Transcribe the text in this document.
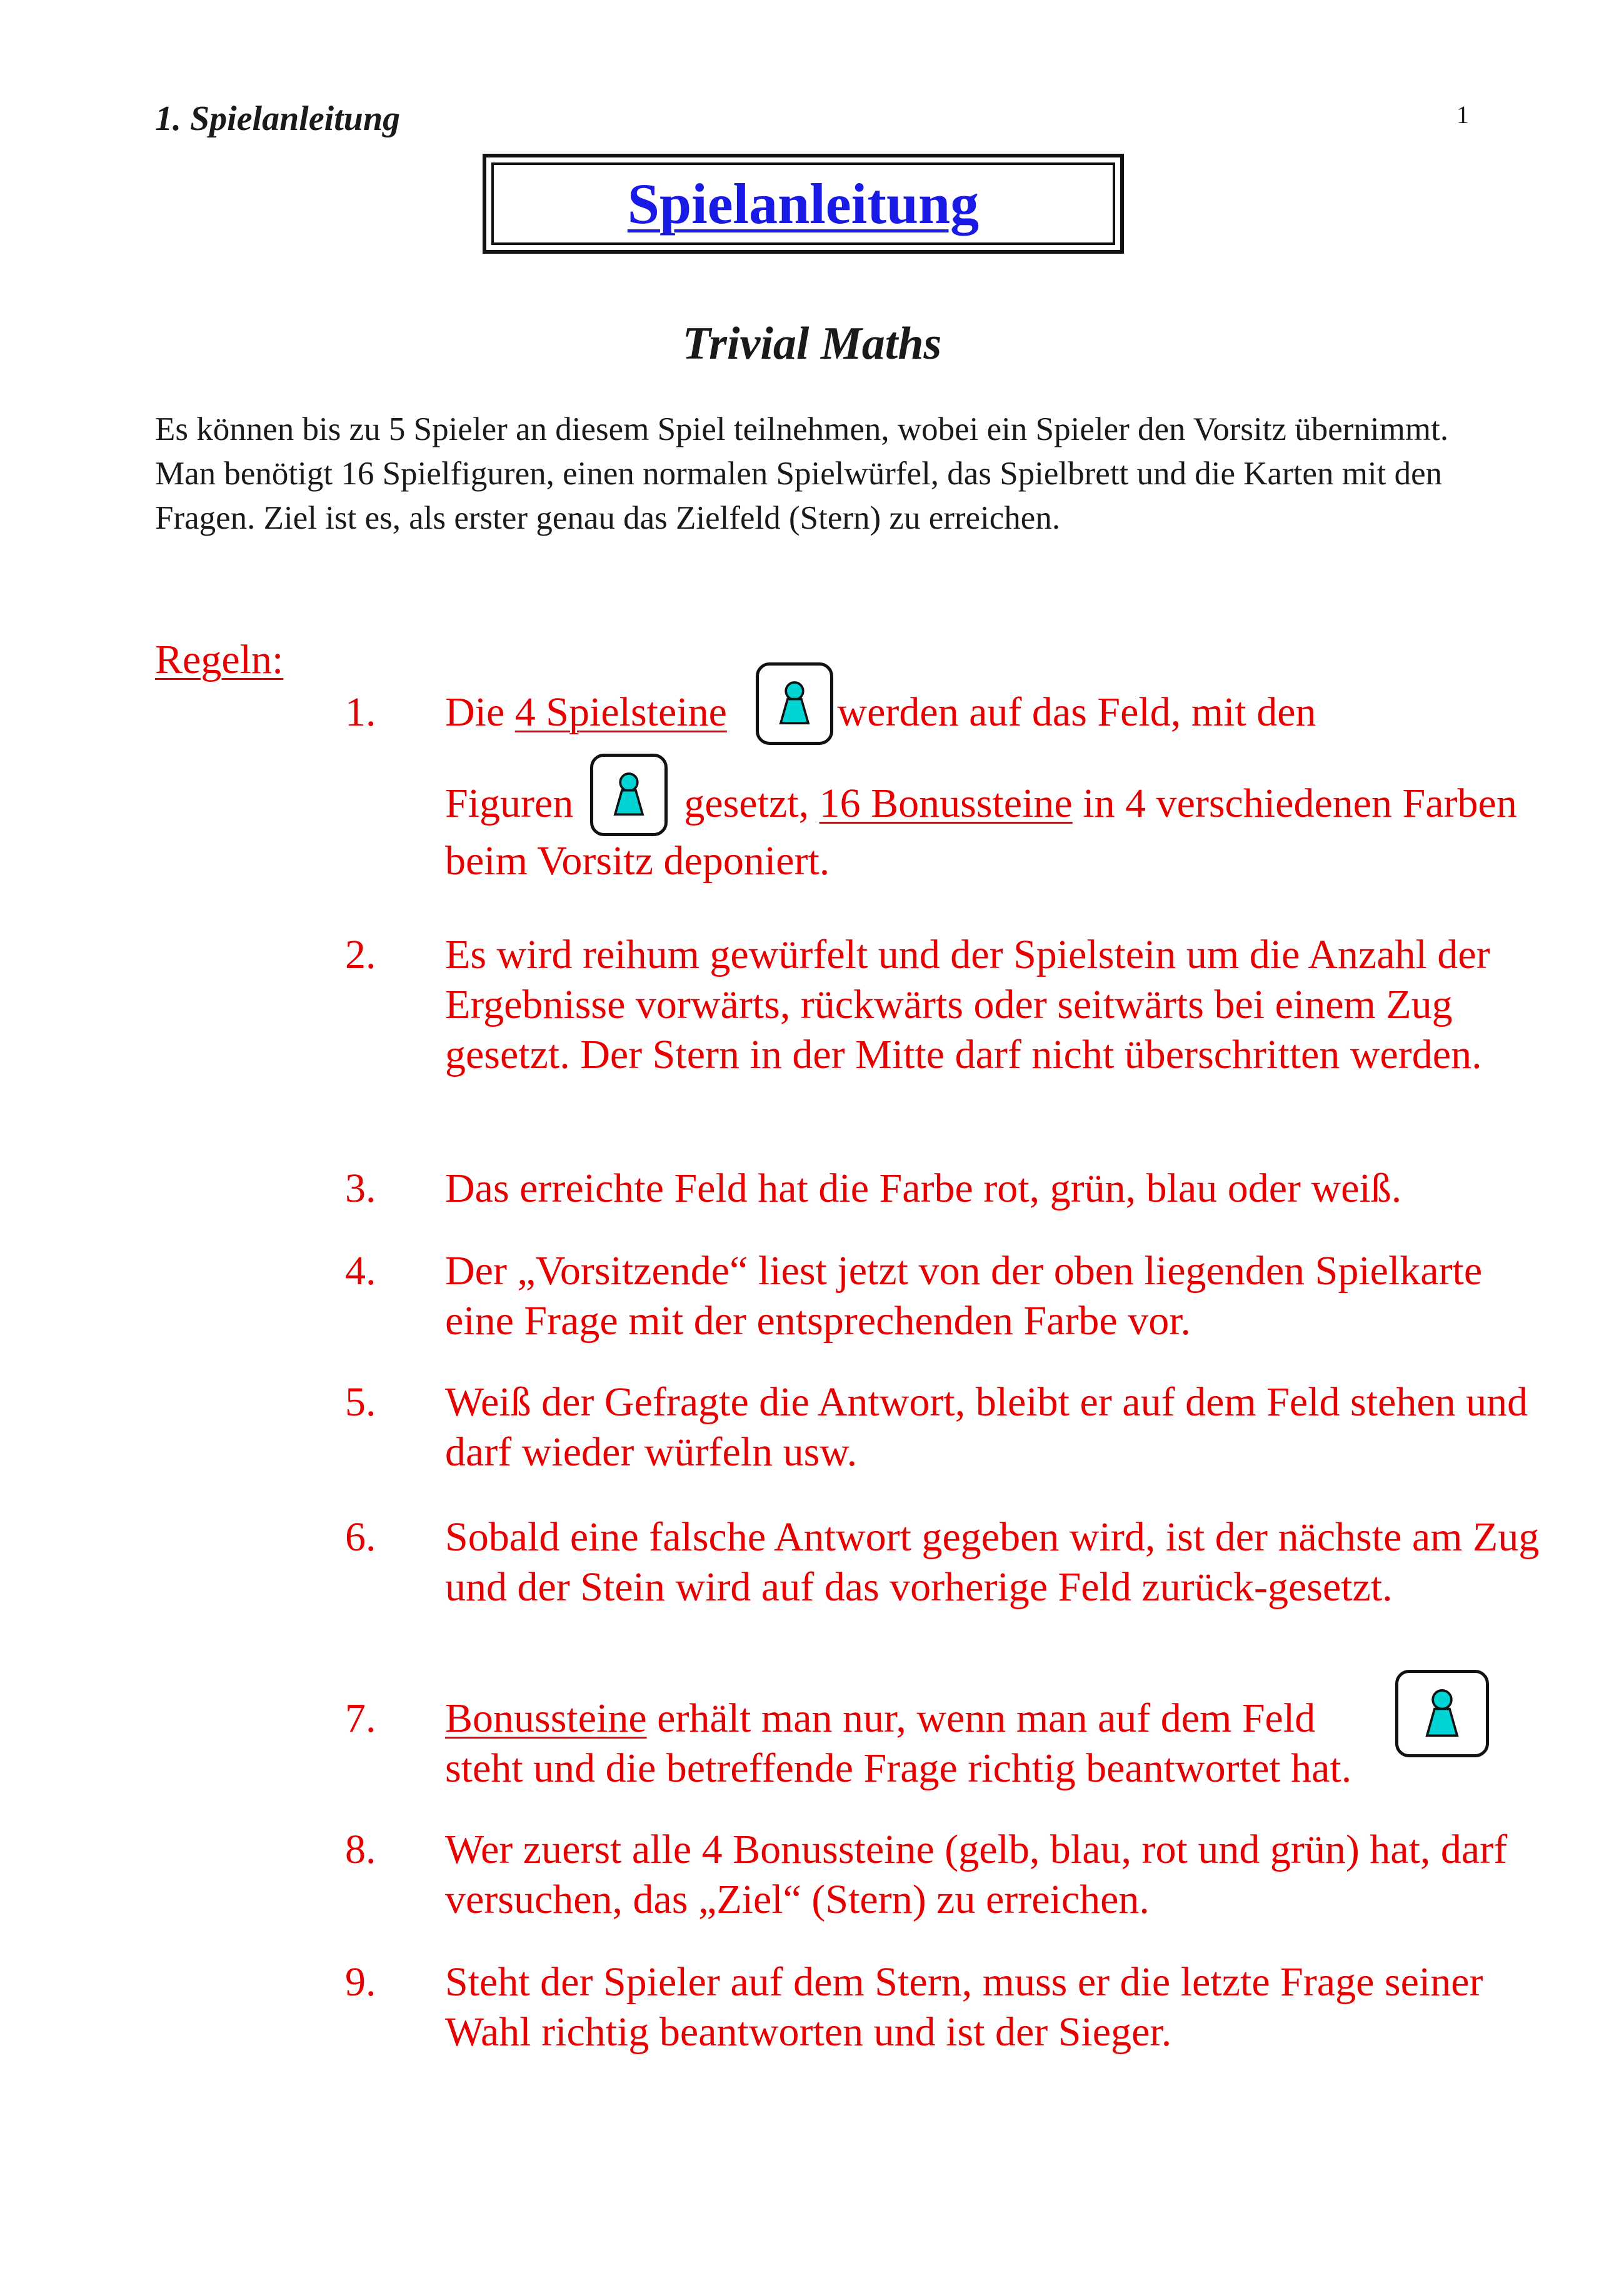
1. Spielanleitung	1
Spielanleitung
Trivial Maths

Es können bis zu 5 Spieler an diesem Spiel teilnehmen, wobei ein Spieler den Vorsitz übernimmt.

Man benötigt 16 Spielfiguren, einen normalen Spielwürfel, das Spielbrett und die Karten mit den Fragen. Ziel ist es, als erster genau das Zielfeld (Stern) zu erreichen.

Regeln:
1. Die 4 Spielsteine	werden auf das Feld, mit den
Figuren
gesetzt, 16 Bonussteine in 4 verschiedenen Farben beim Vorsitz deponiert.
2. Es wird reihum gewürfelt und der Spielstein um die Anzahl der Ergebnisse vorwärts, rückwärts oder seitwärts bei einem Zug gesetzt. Der Stern in der Mitte darf nicht überschritten werden.
3. Das erreichte Feld hat die Farbe rot, grün, blau oder weiß.
4. Der „Vorsitzende“ liest jetzt von der oben liegenden Spielkarte eine Frage mit der entsprechenden Farbe vor.
5. Weiß der Gefragte die Antwort, bleibt er auf dem Feld stehen und darf wieder würfeln usw.
6. Sobald eine falsche Antwort gegeben wird, ist der nächste am Zug und der Stein wird auf das vorherige Feld zurück-gesetzt.
7. Bonussteine erhält man nur, wenn man auf dem Feld
steht und die betreffende Frage richtig beantwortet hat.
8. Wer zuerst alle 4 Bonussteine (gelb, blau, rot und grün) hat, darf versuchen, das „Ziel“ (Stern) zu erreichen.
9. Steht der Spieler auf dem Stern, muss er die letzte Frage seiner Wahl richtig beantworten und ist der Sieger.
